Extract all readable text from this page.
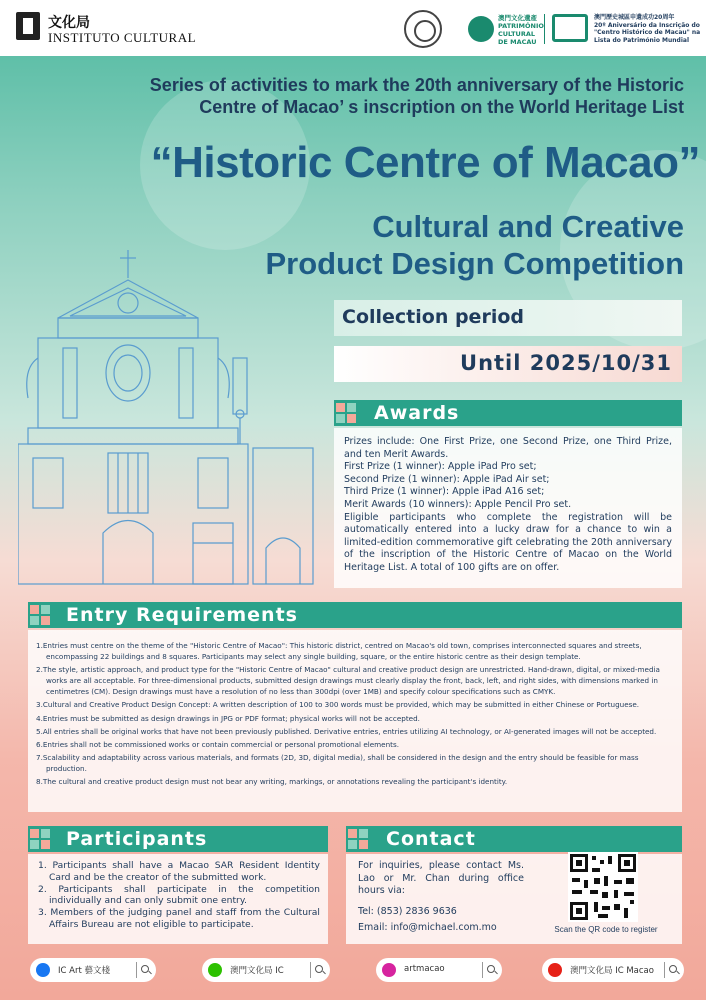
文化局
INSTITUTO CULTURAL
澳門文化遺產
PATRIMÓNIO
CULTURAL
DE MACAU
澳門歷史城區申遺成功20周年
20º Aniversário da Inscrição do
"Centro Histórico de Macau" na
Lista do Património Mundial
Series of activities to mark the 20th anniversary of the Historic
Centre of Macao’ s inscription on the World Heritage List
“Historic Centre of Macao”
Cultural and Creative
Product Design Competition
Collection period
Until 2025/10/31
Awards
Prizes include: One First Prize, one Second Prize, one Third Prize, and ten Merit Awards.
First Prize (1 winner): Apple iPad Pro set;
Second Prize (1 winner): Apple iPad Air set;
Third Prize (1 winner): Apple iPad A16 set;
Merit Awards (10 winners): Apple Pencil Pro set.
Eligible participants who complete the registration will be automatically entered into a lucky draw for a chance to win a limited-edition commemorative gift celebrating the 20th anniversary of the inscription of the Historic Centre of Macao on the World Heritage List. A total of 100 gifts are on offer.
Entry Requirements
1.Entries must centre on the theme of the "Historic Centre of Macao": This historic district, centred on Macao's old town, comprises interconnected squares and streets, encompassing 22 buildings and 8 squares. Participants may select any single building, square, or the entire historic centre as their design template.
2.The style, artistic approach, and product type for the "Historic Centre of Macao" cultural and creative product design are unrestricted. Hand-drawn, digital, or mixed-media works are all acceptable. For three-dimensional products, submitted design drawings must clearly display the front, back, left, and right sides, with dimensions marked in centimetres (CM). Design drawings must have a resolution of no less than 300dpi (over 1MB) and specify colour specifications such as CMYK.
3.Cultural and Creative Product Design Concept: A written description of 100 to 300 words must be provided, which may be submitted in either Chinese or Portuguese.
4.Entries must be submitted as design drawings in JPG or PDF format; physical works will not be accepted.
5.All entries shall be original works that have not been previously published. Derivative entries, entries utilizing AI technology, or AI-generated images will not be accepted.
6.Entries shall not be commissioned works or contain commercial or personal promotional elements.
7.Scalability and adaptability across various materials, and formats (2D, 3D, digital media), shall be considered in the design and the entry should be feasible for mass production.
8.The cultural and creative product design must not bear any writing, markings, or annotations revealing the participant's identity.
Participants
1. Participants shall have a Macao SAR Resident Identity Card and be the creator of the submitted work.
2. Participants shall participate in the competition individually and can only submit one entry.
3. Members of the judging panel and staff from the Cultural Affairs Bureau are not eligible to participate.
Contact
For inquiries, please contact Ms. Lao or Mr. Chan during office hours via:
Tel: (853) 2836 9636
Email: info@michael.com.mo	Scan the QR code to register
IC Art 藝文棧	澳門文化局 IC	artmacao	澳門文化局 IC Macao
